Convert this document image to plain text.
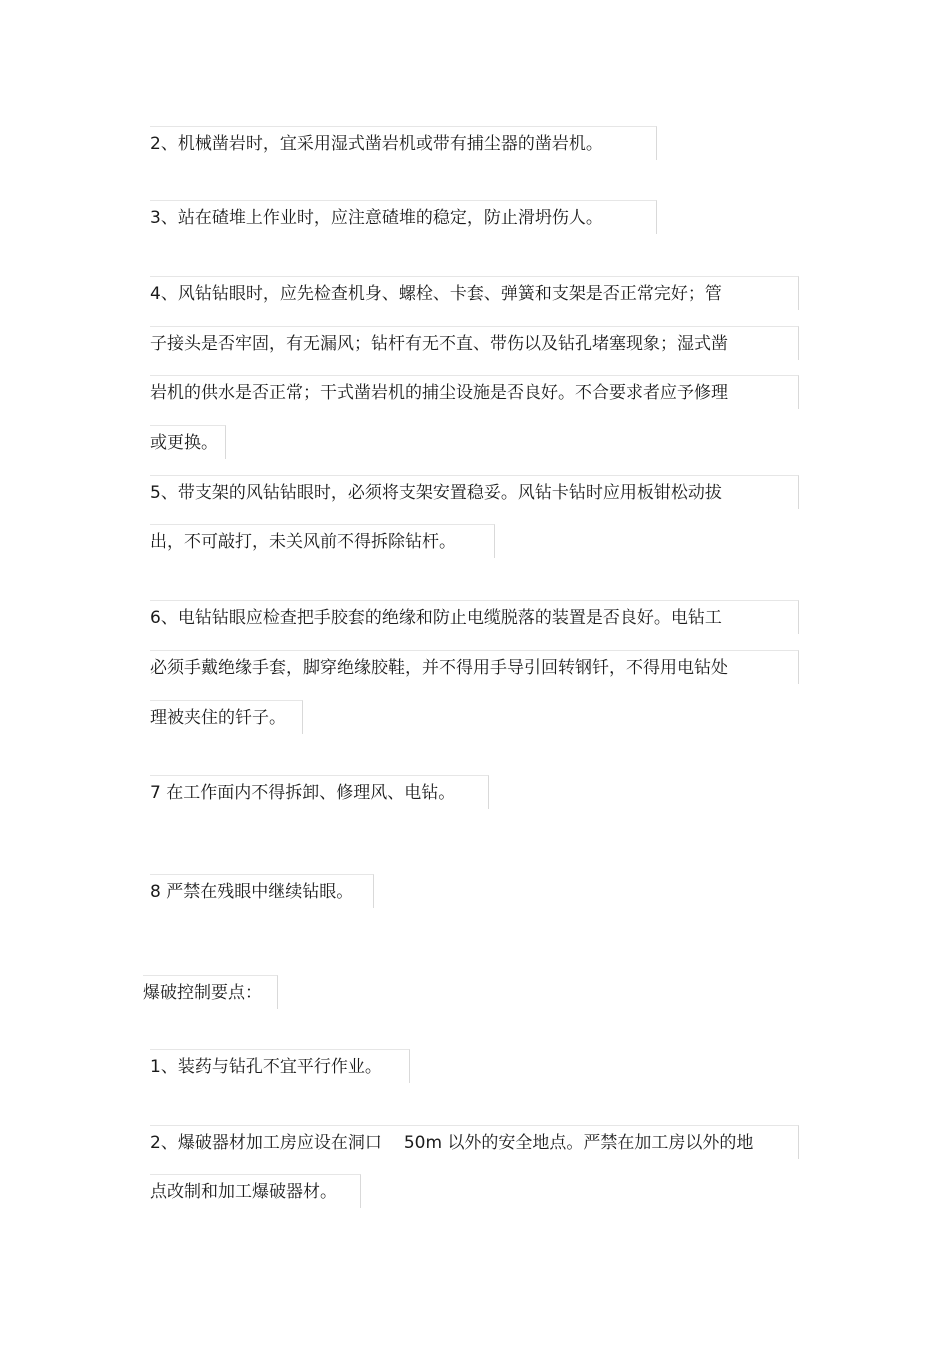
2、机械凿岩时，宜采用湿式凿岩机或带有捕尘器的凿岩机。
3、站在碴堆上作业时，应注意碴堆的稳定，防止滑坍伤人。
4、风钻钻眼时，应先检查机身、螺栓、卡套、弹簧和支架是否正常完好；管
子接头是否牢固，有无漏风；钻杆有无不直、带伤以及钻孔堵塞现象；湿式凿
岩机的供水是否正常；干式凿岩机的捕尘设施是否良好。不合要求者应予修理
或更换。
5、带支架的风钻钻眼时，必须将支架安置稳妥。风钻卡钻时应用板钳松动拔
出，不可敲打，未关风前不得拆除钻杆。
6、电钻钻眼应检查把手胶套的绝缘和防止电缆脱落的装置是否良好。电钻工
必须手戴绝缘手套，脚穿绝缘胶鞋，并不得用手导引回转钢钎，不得用电钻处
理被夹住的钎子。
7 在工作面内不得拆卸、修理风、电钻。
8 严禁在残眼中继续钻眼。
爆破控制要点：
1、装药与钻孔不宜平行作业。
2、爆破器材加工房应设在洞口 50m 以外的安全地点。严禁在加工房以外的地
点改制和加工爆破器材。
